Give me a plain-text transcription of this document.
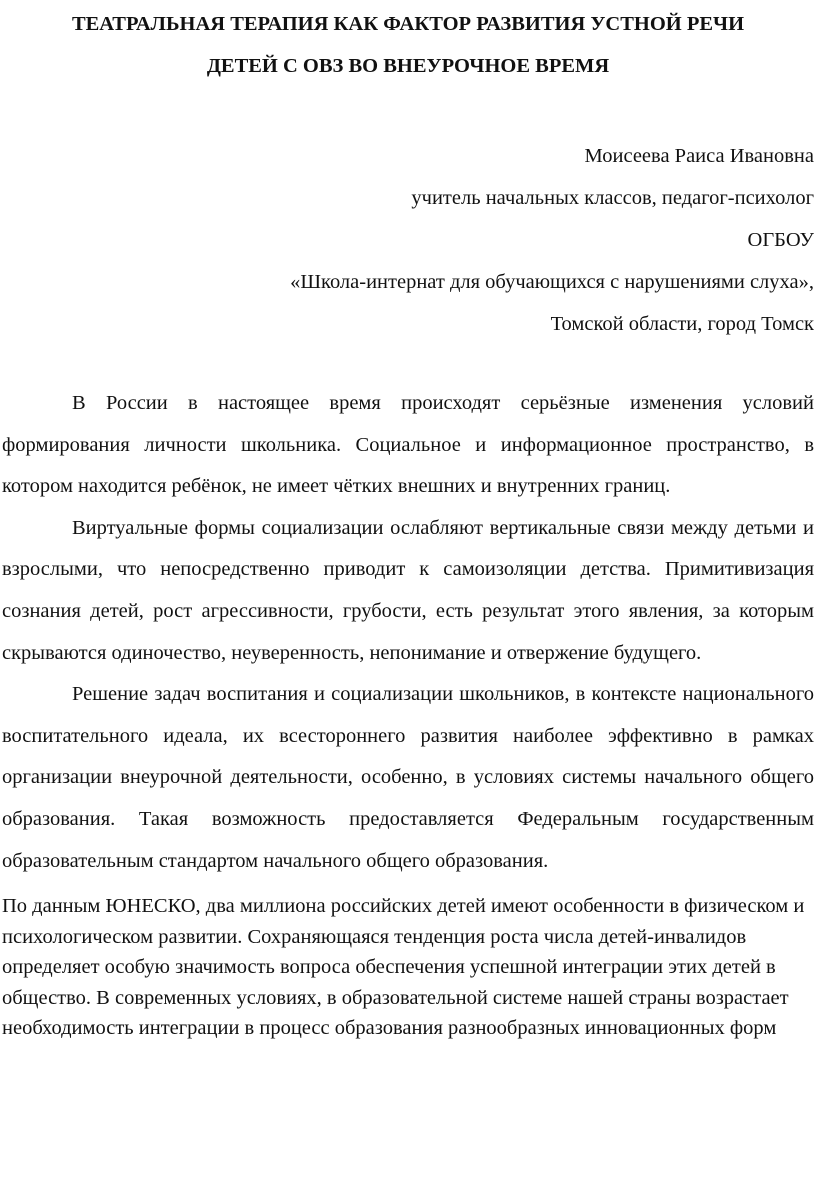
ТЕАТРАЛЬНАЯ ТЕРАПИЯ КАК ФАКТОР РАЗВИТИЯ УСТНОЙ РЕЧИ
ДЕТЕЙ С ОВЗ ВО ВНЕУРОЧНОЕ ВРЕМЯ
Моисеева Раиса Ивановна
учитель начальных классов, педагог-психолог
ОГБОУ
«Школа-интернат для обучающихся с нарушениями слуха»,
Томской области, город Томск

В России в настоящее время происходят серьёзные изменения условий формирования личности школьника. Социальное и информационное пространство, в котором находится ребёнок, не имеет чётких внешних и внутренних границ.

Виртуальные формы социализации ослабляют вертикальные связи между детьми и взрослыми, что непосредственно приводит к самоизоляции детства. Примитивизация сознания детей, рост агрессивности, грубости, есть результат этого явления, за которым скрываются одиночество, неуверенность, непонимание и отвержение будущего.

Решение задач воспитания и социализации школьников, в контексте национального воспитательного идеала, их всестороннего развития наиболее эффективно в рамках организации внеурочной деятельности, особенно, в условиях системы начального общего образования. Такая возможность предоставляется Федеральным государственным образовательным стандартом начального общего образования.

По данным ЮНЕСКО, два миллиона российских детей имеют особенности в физическом и психологическом развитии. Сохраняющаяся тенденция роста числа детей-инвалидов определяет особую значимость вопроса обеспечения успешной интеграции этих детей в общество. В современных условиях, в образовательной системе нашей страны возрастает необходимость интеграции в процесс образования разнообразных инновационных форм
